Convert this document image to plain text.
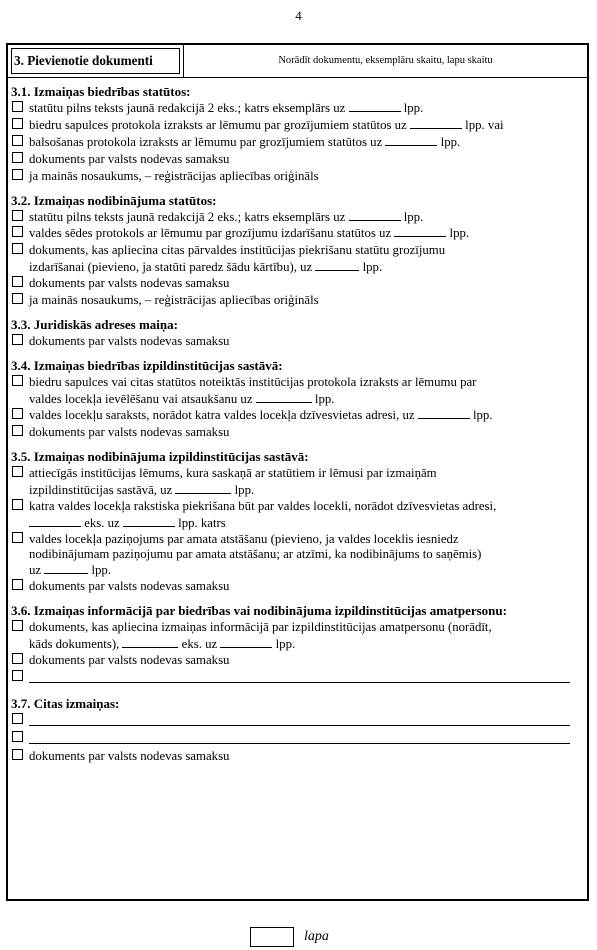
4
3. Pievienotie dokumenti	Norādīt dokumentu, eksemplāru skaitu, lapu skaitu
3.1. Izmaiņas biedrības statūtos:
statūtu pilns teksts jaunā redakcijā 2 eks.; katrs eksemplārs uz	lpp.
biedru sapulces protokola izraksts ar lēmumu par grozījumiem statūtos uz	lpp. vai
balsošanas protokola izraksts ar lēmumu par grozījumiem statūtos uz	lpp.
dokuments par valsts nodevas samaksu
ja mainās nosaukums, – reģistrācijas apliecības oriģināls
3.2. Izmaiņas nodibinājuma statūtos:
statūtu pilns teksts jaunā redakcijā 2 eks.; katrs eksemplārs uz	lpp.
valdes sēdes protokols ar lēmumu par grozījumu izdarīšanu statūtos uz	lpp.
dokuments, kas apliecina citas pārvaldes institūcijas piekrišanu statūtu grozījumu
izdarīšanai (pievieno, ja statūti paredz šādu kārtību), uz	lpp.
dokuments par valsts nodevas samaksu
ja mainās nosaukums, – reģistrācijas apliecības oriģināls
3.3. Juridiskās adreses maiņa:
dokuments par valsts nodevas samaksu
3.4. Izmaiņas biedrības izpildinstitūcijas sastāvā:
biedru sapulces vai citas statūtos noteiktās institūcijas protokola izraksts ar lēmumu par
valdes locekļa ievēlēšanu vai atsaukšanu uz	lpp.
valdes locekļu saraksts, norādot katra valdes locekļa dzīvesvietas adresi, uz	lpp.
dokuments par valsts nodevas samaksu
3.5. Izmaiņas nodibinājuma izpildinstitūcijas sastāvā:
attiecīgās institūcijas lēmums, kura saskaņā ar statūtiem ir lēmusi par izmaiņām
izpildinstitūcijas sastāvā, uz	lpp.
katra valdes locekļa rakstiska piekrišana būt par valdes locekli, norādot dzīvesvietas adresi,
eks. uz	lpp. katrs
valdes locekļa paziņojums par amata atstāšanu (pievieno, ja valdes loceklis iesniedz
nodibinājumam paziņojumu par amata atstāšanu; ar atzīmi, ka nodibinājums to saņēmis)
uz	lpp.
dokuments par valsts nodevas samaksu
3.6. Izmaiņas informācijā par biedrības vai nodibinājuma izpildinstitūcijas amatpersonu:
dokuments, kas apliecina izmaiņas informācijā par izpildinstitūcijas amatpersonu (norādīt,
kāds dokuments),	eks. uz	lpp.
dokuments par valsts nodevas samaksu
3.7. Citas izmaiņas:
dokuments par valsts nodevas samaksu
lapa
